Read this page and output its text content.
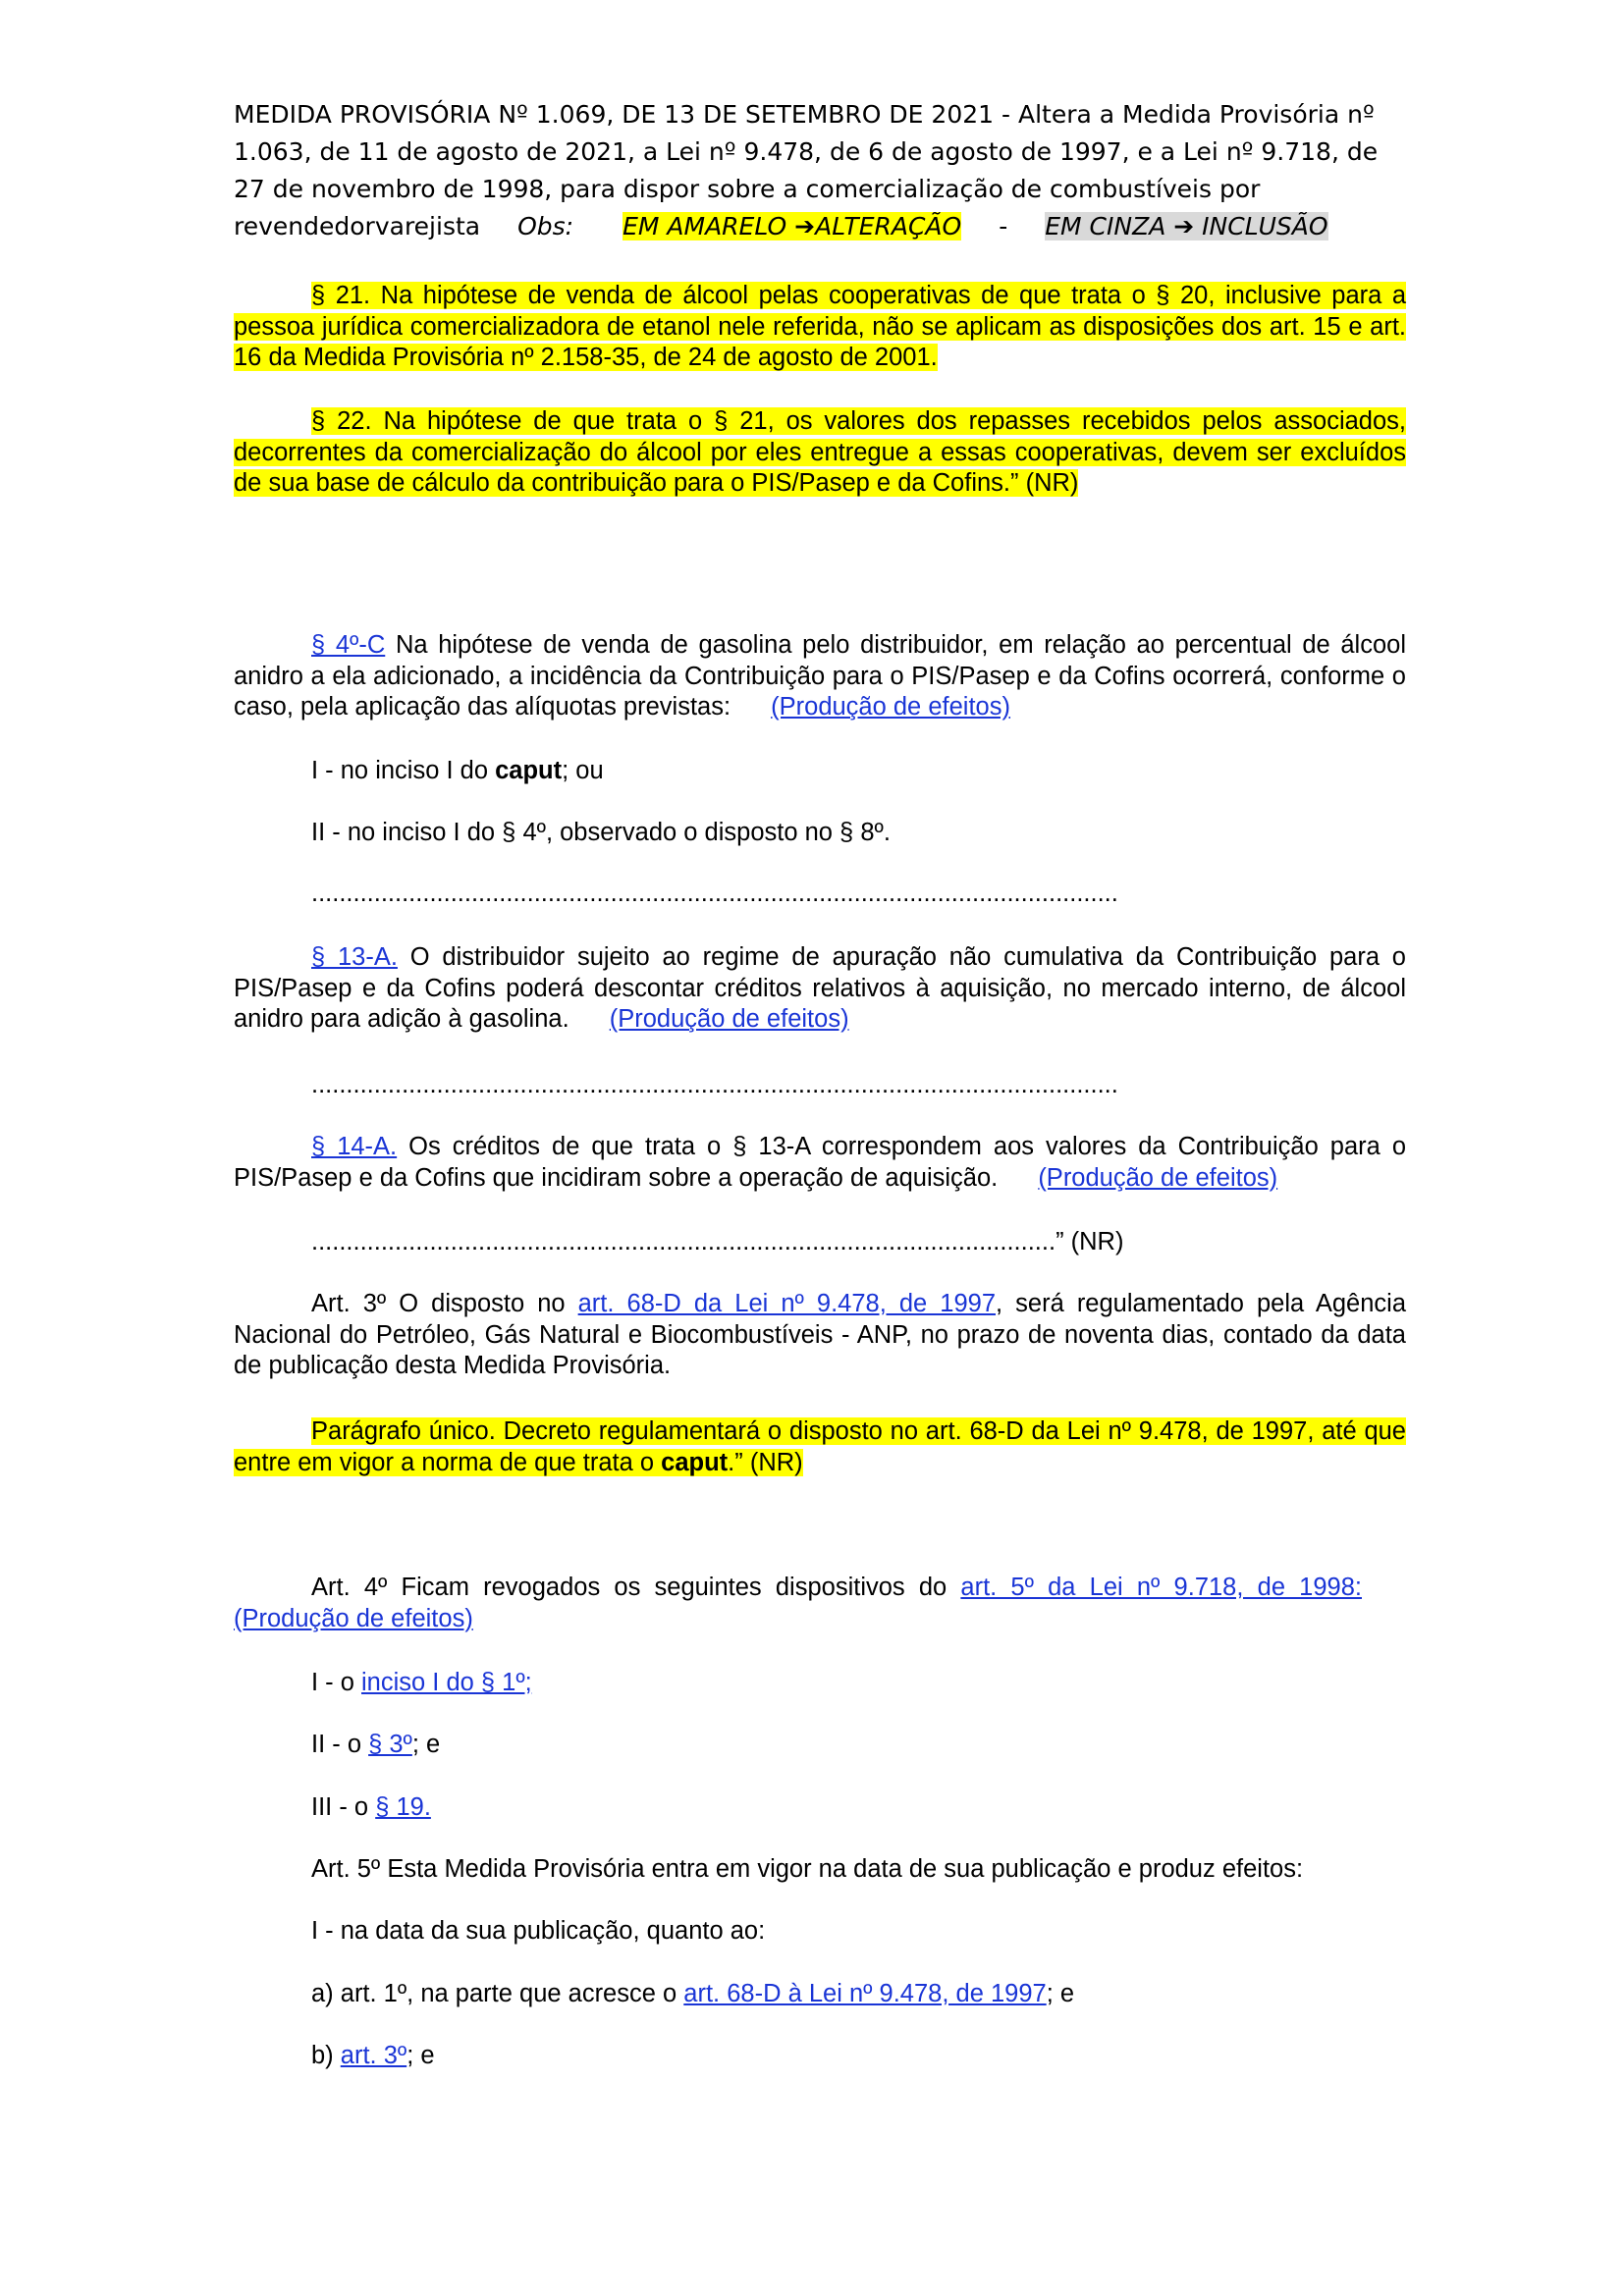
MEDIDA PROVISÓRIA Nº 1.069, DE 13 DE SETEMBRO DE 2021 - Altera a Medida Provisória nº 1.063, de 11 de agosto de 2021, a Lei nº 9.478, de 6 de agosto de 1997, e a Lei nº 9.718, de 27 de novembro de 1998, para dispor sobre a comercialização de combustíveis por
revendedorvarejista Obs: EM AMARELO ➔ALTERAÇÃO - EM CINZA ➔ INCLUSÃO
§ 21. Na hipótese de venda de álcool pelas cooperativas de que trata o § 20, inclusive para a pessoa jurídica comercializadora de etanol nele referida, não se aplicam as disposições dos art. 15 e art. 16 da Medida Provisória nº 2.158-35, de 24 de agosto de 2001.
§ 22. Na hipótese de que trata o § 21, os valores dos repasses recebidos pelos associados, decorrentes da comercialização do álcool por eles entregue a essas cooperativas, devem ser excluídos de sua base de cálculo da contribuição para o PIS/Pasep e da Cofins.” (NR)
§ 4º-C Na hipótese de venda de gasolina pelo distribuidor, em relação ao percentual de álcool anidro a ela adicionado, a incidência da Contribuição para o PIS/Pasep e da Cofins ocorrerá, conforme o caso, pela aplicação das alíquotas previstas: (Produção de efeitos)
I - no inciso I do caput; ou
II - no inciso I do § 4º, observado o disposto no § 8º.
....................................................................................................................
§ 13-A. O distribuidor sujeito ao regime de apuração não cumulativa da Contribuição para o PIS/Pasep e da Cofins poderá descontar créditos relativos à aquisição, no mercado interno, de álcool anidro para adição à gasolina. (Produção de efeitos)
....................................................................................................................
§ 14-A. Os créditos de que trata o § 13-A correspondem aos valores da Contribuição para o PIS/Pasep e da Cofins que incidiram sobre a operação de aquisição. (Produção de efeitos)
...........................................................................................................” (NR)
Art. 3º O disposto no art. 68-D da Lei nº 9.478, de 1997, será regulamentado pela Agência Nacional do Petróleo, Gás Natural e Biocombustíveis - ANP, no prazo de noventa dias, contado da data de publicação desta Medida Provisória.
Parágrafo único. Decreto regulamentará o disposto no art. 68-D da Lei nº 9.478, de 1997, até que entre em vigor a norma de que trata o caput.” (NR)
Art. 4º Ficam revogados os seguintes dispositivos do art. 5º da Lei nº 9.718, de 1998:(Produção de efeitos)
I - o inciso I do § 1º;
II - o § 3º; e
III - o § 19.
Art. 5º Esta Medida Provisória entra em vigor na data de sua publicação e produz efeitos:
I - na data da sua publicação, quanto ao:
a) art. 1º, na parte que acresce o art. 68-D à Lei nº 9.478, de 1997; e
b) art. 3º; e
